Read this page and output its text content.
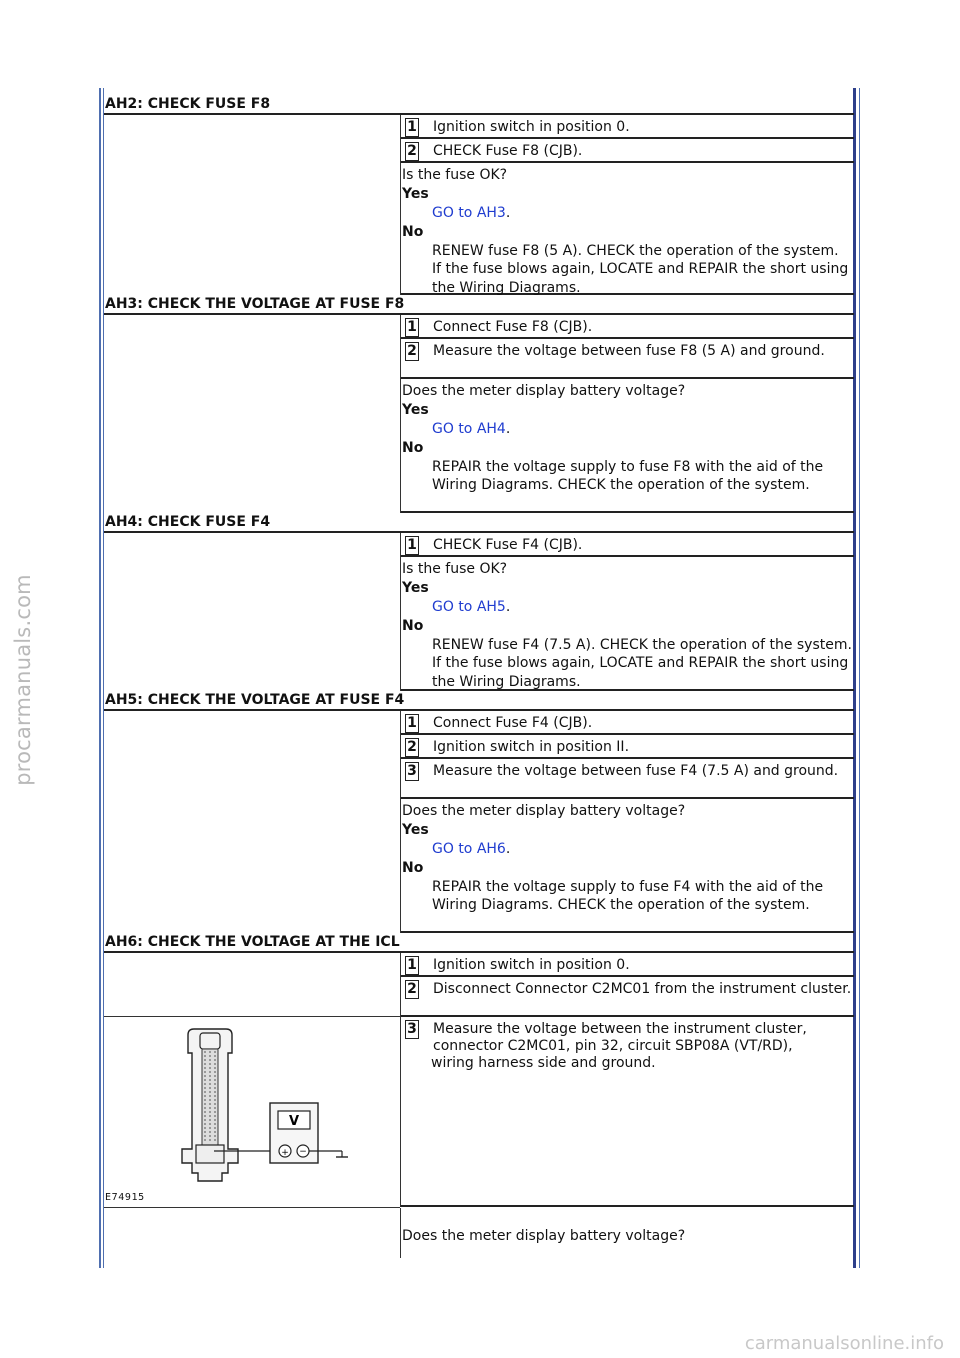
procarmanuals.com
carmanualsonline.info
AH2: CHECK FUSE F8
1 Ignition switch in position 0.
2 CHECK Fuse F8 (CJB).
Is the fuse OK?
Yes
GO to AH3.
No
RENEW fuse F8 (5 A). CHECK the operation of the system. If the fuse blows again, LOCATE and REPAIR the short using the Wiring Diagrams.
AH3: CHECK THE VOLTAGE AT FUSE F8
1 Connect Fuse F8 (CJB).
2 Measure the voltage between fuse F8 (5 A) and ground.
Does the meter display battery voltage?
Yes
GO to AH4.
No
REPAIR the voltage supply to fuse F8 with the aid of the Wiring Diagrams. CHECK the operation of the system.
AH4: CHECK FUSE F4
1 CHECK Fuse F4 (CJB).
Is the fuse OK?
Yes
GO to AH5.
No
RENEW fuse F4 (7.5 A). CHECK the operation of the system. If the fuse blows again, LOCATE and REPAIR the short using the Wiring Diagrams.
AH5: CHECK THE VOLTAGE AT FUSE F4
1 Connect Fuse F4 (CJB).
2 Ignition switch in position II.
3 Measure the voltage between fuse F4 (7.5 A) and ground.
Does the meter display battery voltage?
Yes
GO to AH6.
No
REPAIR the voltage supply to fuse F4 with the aid of the Wiring Diagrams. CHECK the operation of the system.
AH6: CHECK THE VOLTAGE AT THE ICL
1 Ignition switch in position 0.
2 Disconnect Connector C2MC01 from the instrument cluster.
V
+ −
E74915
3 Measure the voltage between the instrument cluster, connector C2MC01, pin 32, circuit SBP08A (VT/RD),
wiring harness side and ground.
Does the meter display battery voltage?
